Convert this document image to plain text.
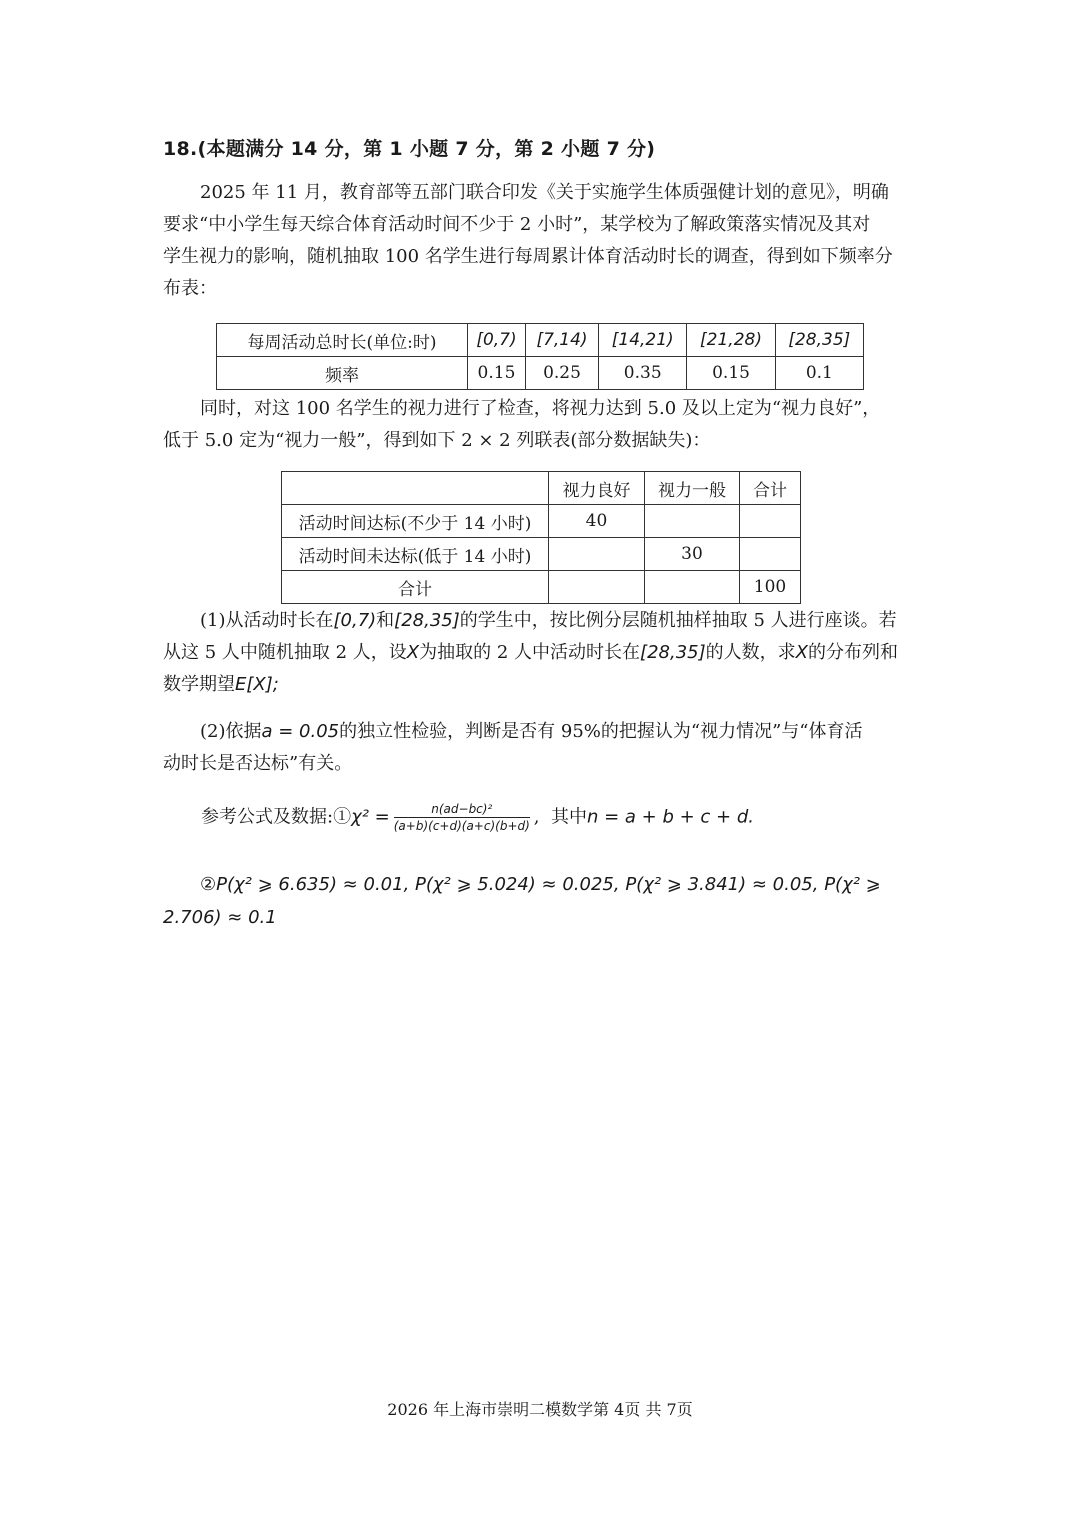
18.(本题满分 14 分，第 1 小题 7 分，第 2 小题 7 分)
2025 年 11 月，教育部等五部门联合印发《关于实施学生体质强健计划的意见》，明确
要求“中小学生每天综合体育活动时间不少于 2 小时”，某学校为了解政策落实情况及其对
学生视力的影响，随机抽取 100 名学生进行每周累计体育活动时长的调查，得到如下频率分
布表：
每周活动总时长(单位:时)	[0,7)	[7,14)	[14,21)	[21,28)	[28,35]
频率	0.15	0.25	0.35	0.15	0.1
同时，对这 100 名学生的视力进行了检查，将视力达到 5.0 及以上定为“视力良好”，
低于 5.0 定为“视力一般”，得到如下 2 × 2 列联表(部分数据缺失)：
	视力良好	视力一般	合计
活动时间达标(不少于 14 小时)	40		
活动时间未达标(低于 14 小时)		30	
合计			100
(1)从活动时长在[0,7)和[28,35]的学生中，按比例分层随机抽样抽取 5 人进行座谈。若
从这 5 人中随机抽取 2 人，设X为抽取的 2 人中活动时长在[28,35]的人数，求X的分布列和
数学期望E[X];
(2)依据a = 0.05的独立性检验，判断是否有 95%的把握认为“视力情况”与“体育活
动时长是否达标”有关。
参考公式及数据:①χ² = $\frac{\text{n(ad−bc)²}}{(a+b)(c+d)(a+c)(b+d)}$ , 其中n = a + b + c + d.
②P(χ² ⩾ 6.635) ≈ 0.01, P(χ² ⩾ 5.024) ≈ 0.025, P(χ² ⩾ 3.841) ≈ 0.05, P(χ² ⩾
2.706) ≈ 0.1
2026 年上海市崇明二模数学第 4页 共 7页
